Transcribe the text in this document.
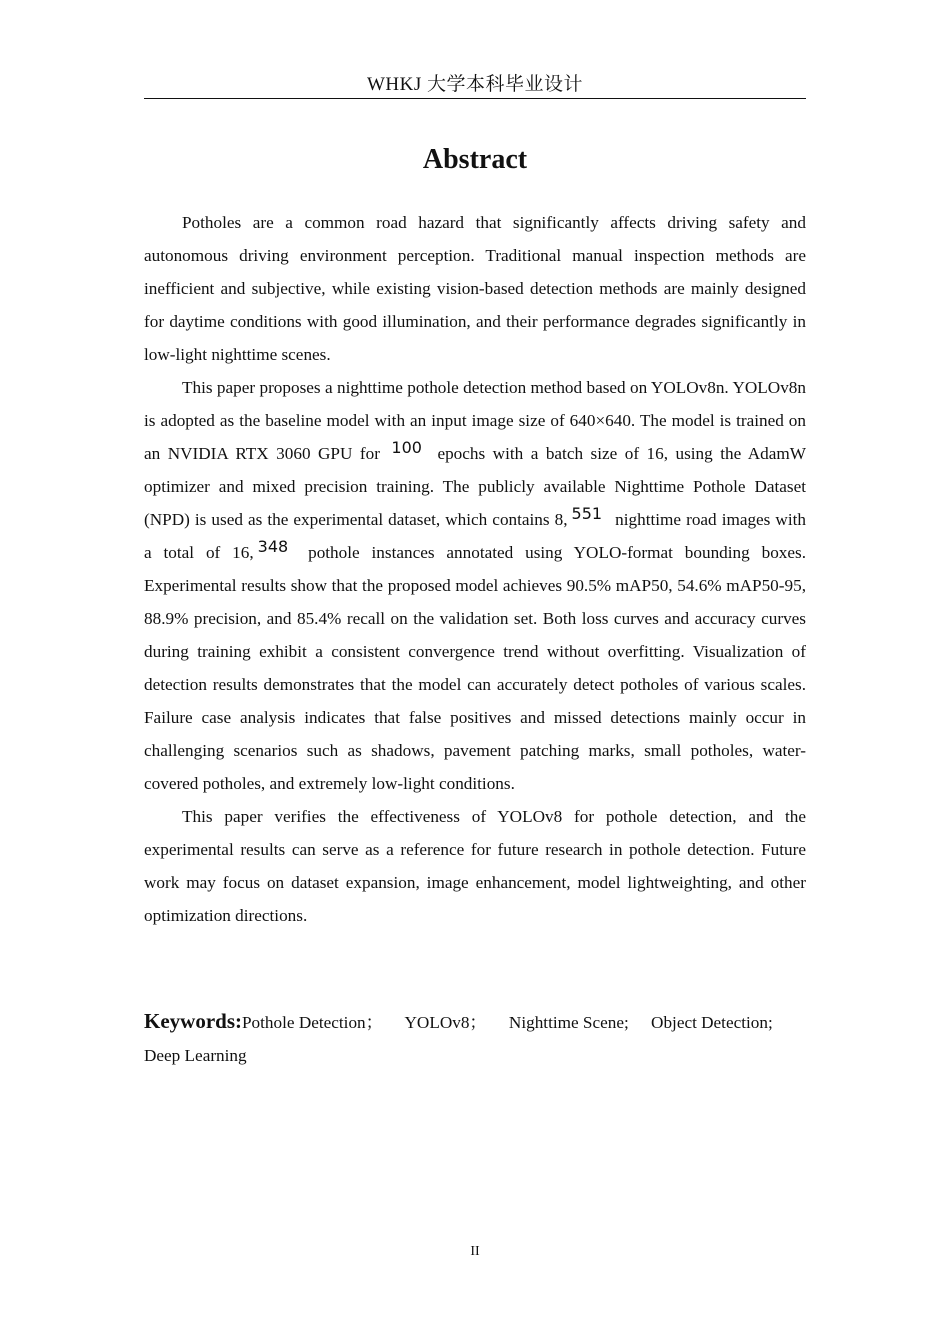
WHKJ 大学本科毕业设计
Abstract

Potholes are a common road hazard that significantly affects driving safety and autonomous driving environment perception. Traditional manual inspection methods are inefficient and subjective, while existing vision-based detection methods are mainly designed for daytime conditions with good illumination, and their performance degrades significantly in low-light nighttime scenes.

This paper proposes a nighttime pothole detection method based on YOLOv8n. YOLOv8n is adopted as the baseline model with an input image size of 640×640. The model is trained on an NVIDIA RTX 3060 GPU for 100 epochs with a batch size of 16, using the AdamW optimizer and mixed precision training. The publicly available Nighttime Pothole Dataset (NPD) is used as the experimental dataset, which contains 8, 551 nighttime road images with a total of 16, 348 pothole instances annotated using YOLO-format bounding boxes. Experimental results show that the proposed model achieves 90.5% mAP50, 54.6% mAP50-95, 88.9% precision, and 85.4% recall on the validation set. Both loss curves and accuracy curves during training exhibit a consistent convergence trend without overfitting. Visualization of detection results demonstrates that the model can accurately detect potholes of various scales. Failure case analysis indicates that false positives and missed detections mainly occur in challenging scenarios such as shadows, pavement patching marks, small potholes, water-covered potholes, and extremely low-light conditions.

This paper verifies the effectiveness of YOLOv8 for pothole detection, and the experimental results can serve as a reference for future research in pothole detection. Future work may focus on dataset expansion, image enhancement, model lightweighting, and other optimization directions.

Keywords:Pothole Detection； YOLOv8； Nighttime Scene; Object Detection; Deep Learning
II
